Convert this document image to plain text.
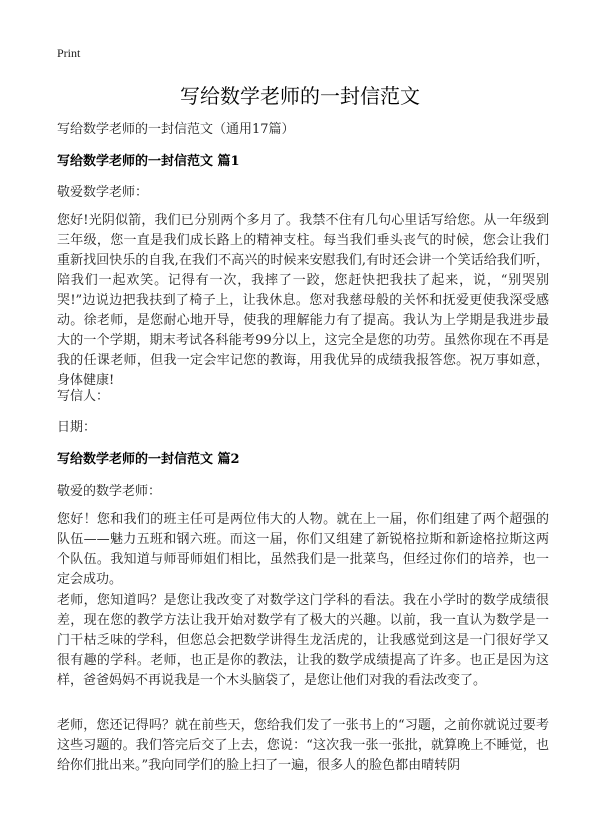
Print
写给数学老师的一封信范文
写给数学老师的一封信范文（通用17篇）
写给数学老师的一封信范文 篇1
敬爱数学老师：
您好!光阴似箭，我们已分别两个多月了。我禁不住有几句心里话写给您。从一年级到三年级，您一直是我们成长路上的精神支柱。每当我们垂头丧气的时候，您会让我们重新找回快乐的自我,在我们不高兴的时候来安慰我们,有时还会讲一个笑话给我们听，陪我们一起欢笑。记得有一次，我摔了一跤，您赶快把我扶了起来，说，“别哭别哭!”边说边把我扶到了椅子上，让我休息。您对我慈母般的关怀和抚爱更使我深受感动。徐老师，是您耐心地开导，使我的理解能力有了提高。我认为上学期是我进步最大的一个学期，期末考试各科能考99分以上，这完全是您的功劳。虽然你现在不再是我的任课老师，但我一定会牢记您的教诲，用我优异的成绩我报答您。祝万事如意，身体健康!
写信人：
日期：
写给数学老师的一封信范文 篇2
敬爱的数学老师：
您好！您和我们的班主任可是两位伟大的人物。就在上一届，你们组建了两个超强的队伍——魅力五班和钢六班。而这一届，你们又组建了新锐格拉斯和新途格拉斯这两个队伍。我知道与师哥师姐们相比，虽然我们是一批菜鸟，但经过你们的培养，也一定会成功。
老师，您知道吗？是您让我改变了对数学这门学科的看法。我在小学时的数学成绩很差，现在您的教学方法让我开始对数学有了极大的兴趣。以前，我一直认为数学是一门干枯乏味的学科，但您总会把数学讲得生龙活虎的，让我感觉到这是一门很好学又很有趣的学科。老师，也正是你的教法，让我的数学成绩提高了许多。也正是因为这样，爸爸妈妈不再说我是一个木头脑袋了，是您让他们对我的看法改变了。
老师，您还记得吗？就在前些天，您给我们发了一张书上的“习题，之前你就说过要考这些习题的。我们答完后交了上去，您说：“这次我一张一张批，就算晚上不睡觉，也给你们批出来。”我向同学们的脸上扫了一遍，很多人的脸色都由晴转阴
